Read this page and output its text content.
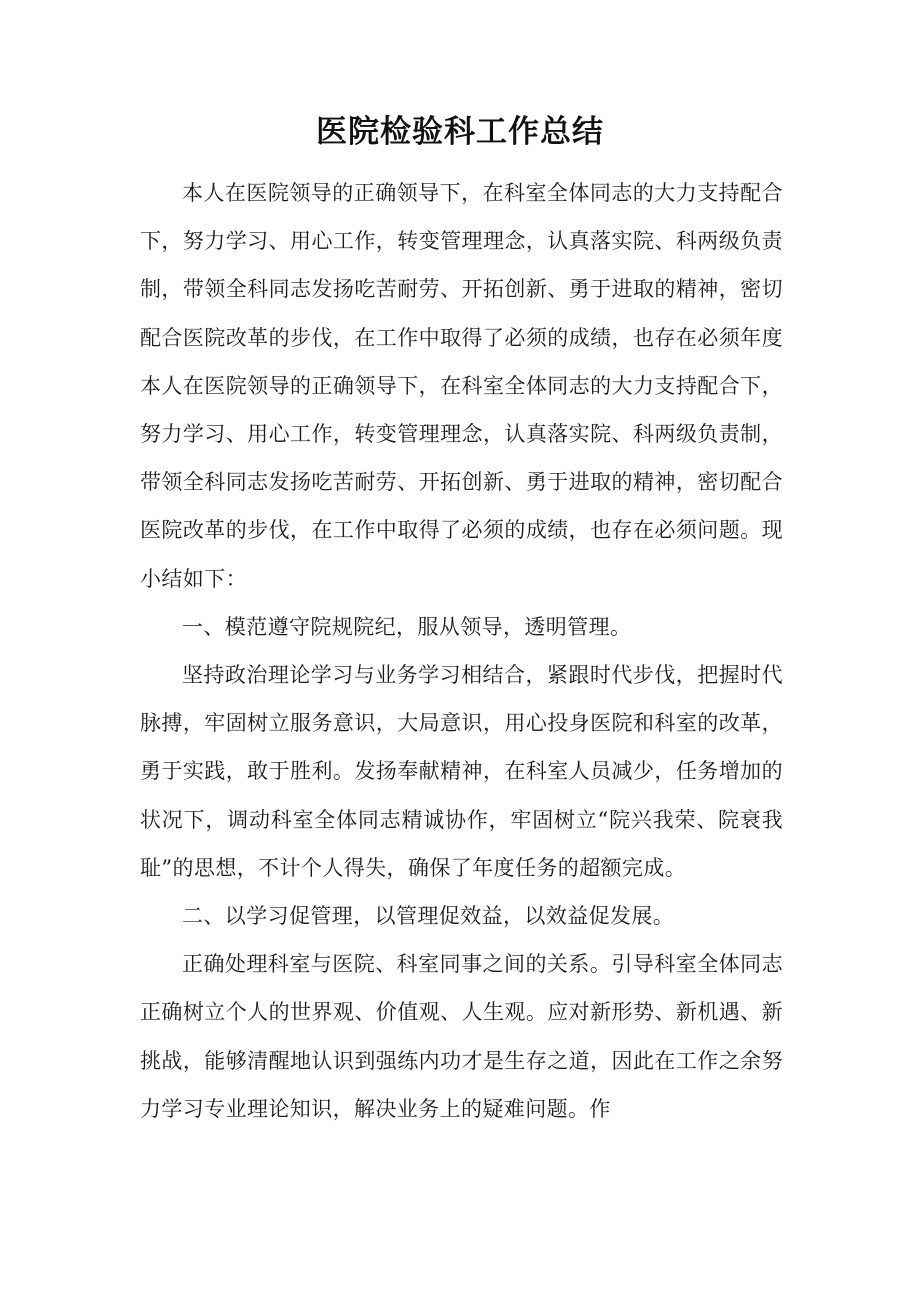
医院检验科工作总结

本人在医院领导的正确领导下，在科室全体同志的大力支持配合下，努力学习、用心工作，转变管理理念，认真落实院、科两级负责制，带领全科同志发扬吃苦耐劳、开拓创新、勇于进取的精神，密切配合医院改革的步伐，在工作中取得了必须的成绩，也存在必须年度本人在医院领导的正确领导下，在科室全体同志的大力支持配合下，努力学习、用心工作，转变管理理念，认真落实院、科两级负责制，带领全科同志发扬吃苦耐劳、开拓创新、勇于进取的精神，密切配合医院改革的步伐，在工作中取得了必须的成绩，也存在必须问题。现小结如下：

一、模范遵守院规院纪，服从领导，透明管理。

坚持政治理论学习与业务学习相结合，紧跟时代步伐，把握时代脉搏，牢固树立服务意识，大局意识，用心投身医院和科室的改革，勇于实践，敢于胜利。发扬奉献精神，在科室人员减少，任务增加的状况下，调动科室全体同志精诚协作，牢固树立“院兴我荣、院衰我耻”的思想，不计个人得失，确保了年度任务的超额完成。

二、以学习促管理，以管理促效益，以效益促发展。

正确处理科室与医院、科室同事之间的关系。引导科室全体同志正确树立个人的世界观、价值观、人生观。应对新形势、新机遇、新挑战，能够清醒地认识到强练内功才是生存之道，因此在工作之余努力学习专业理论知识，解决业务上的疑难问题。作
